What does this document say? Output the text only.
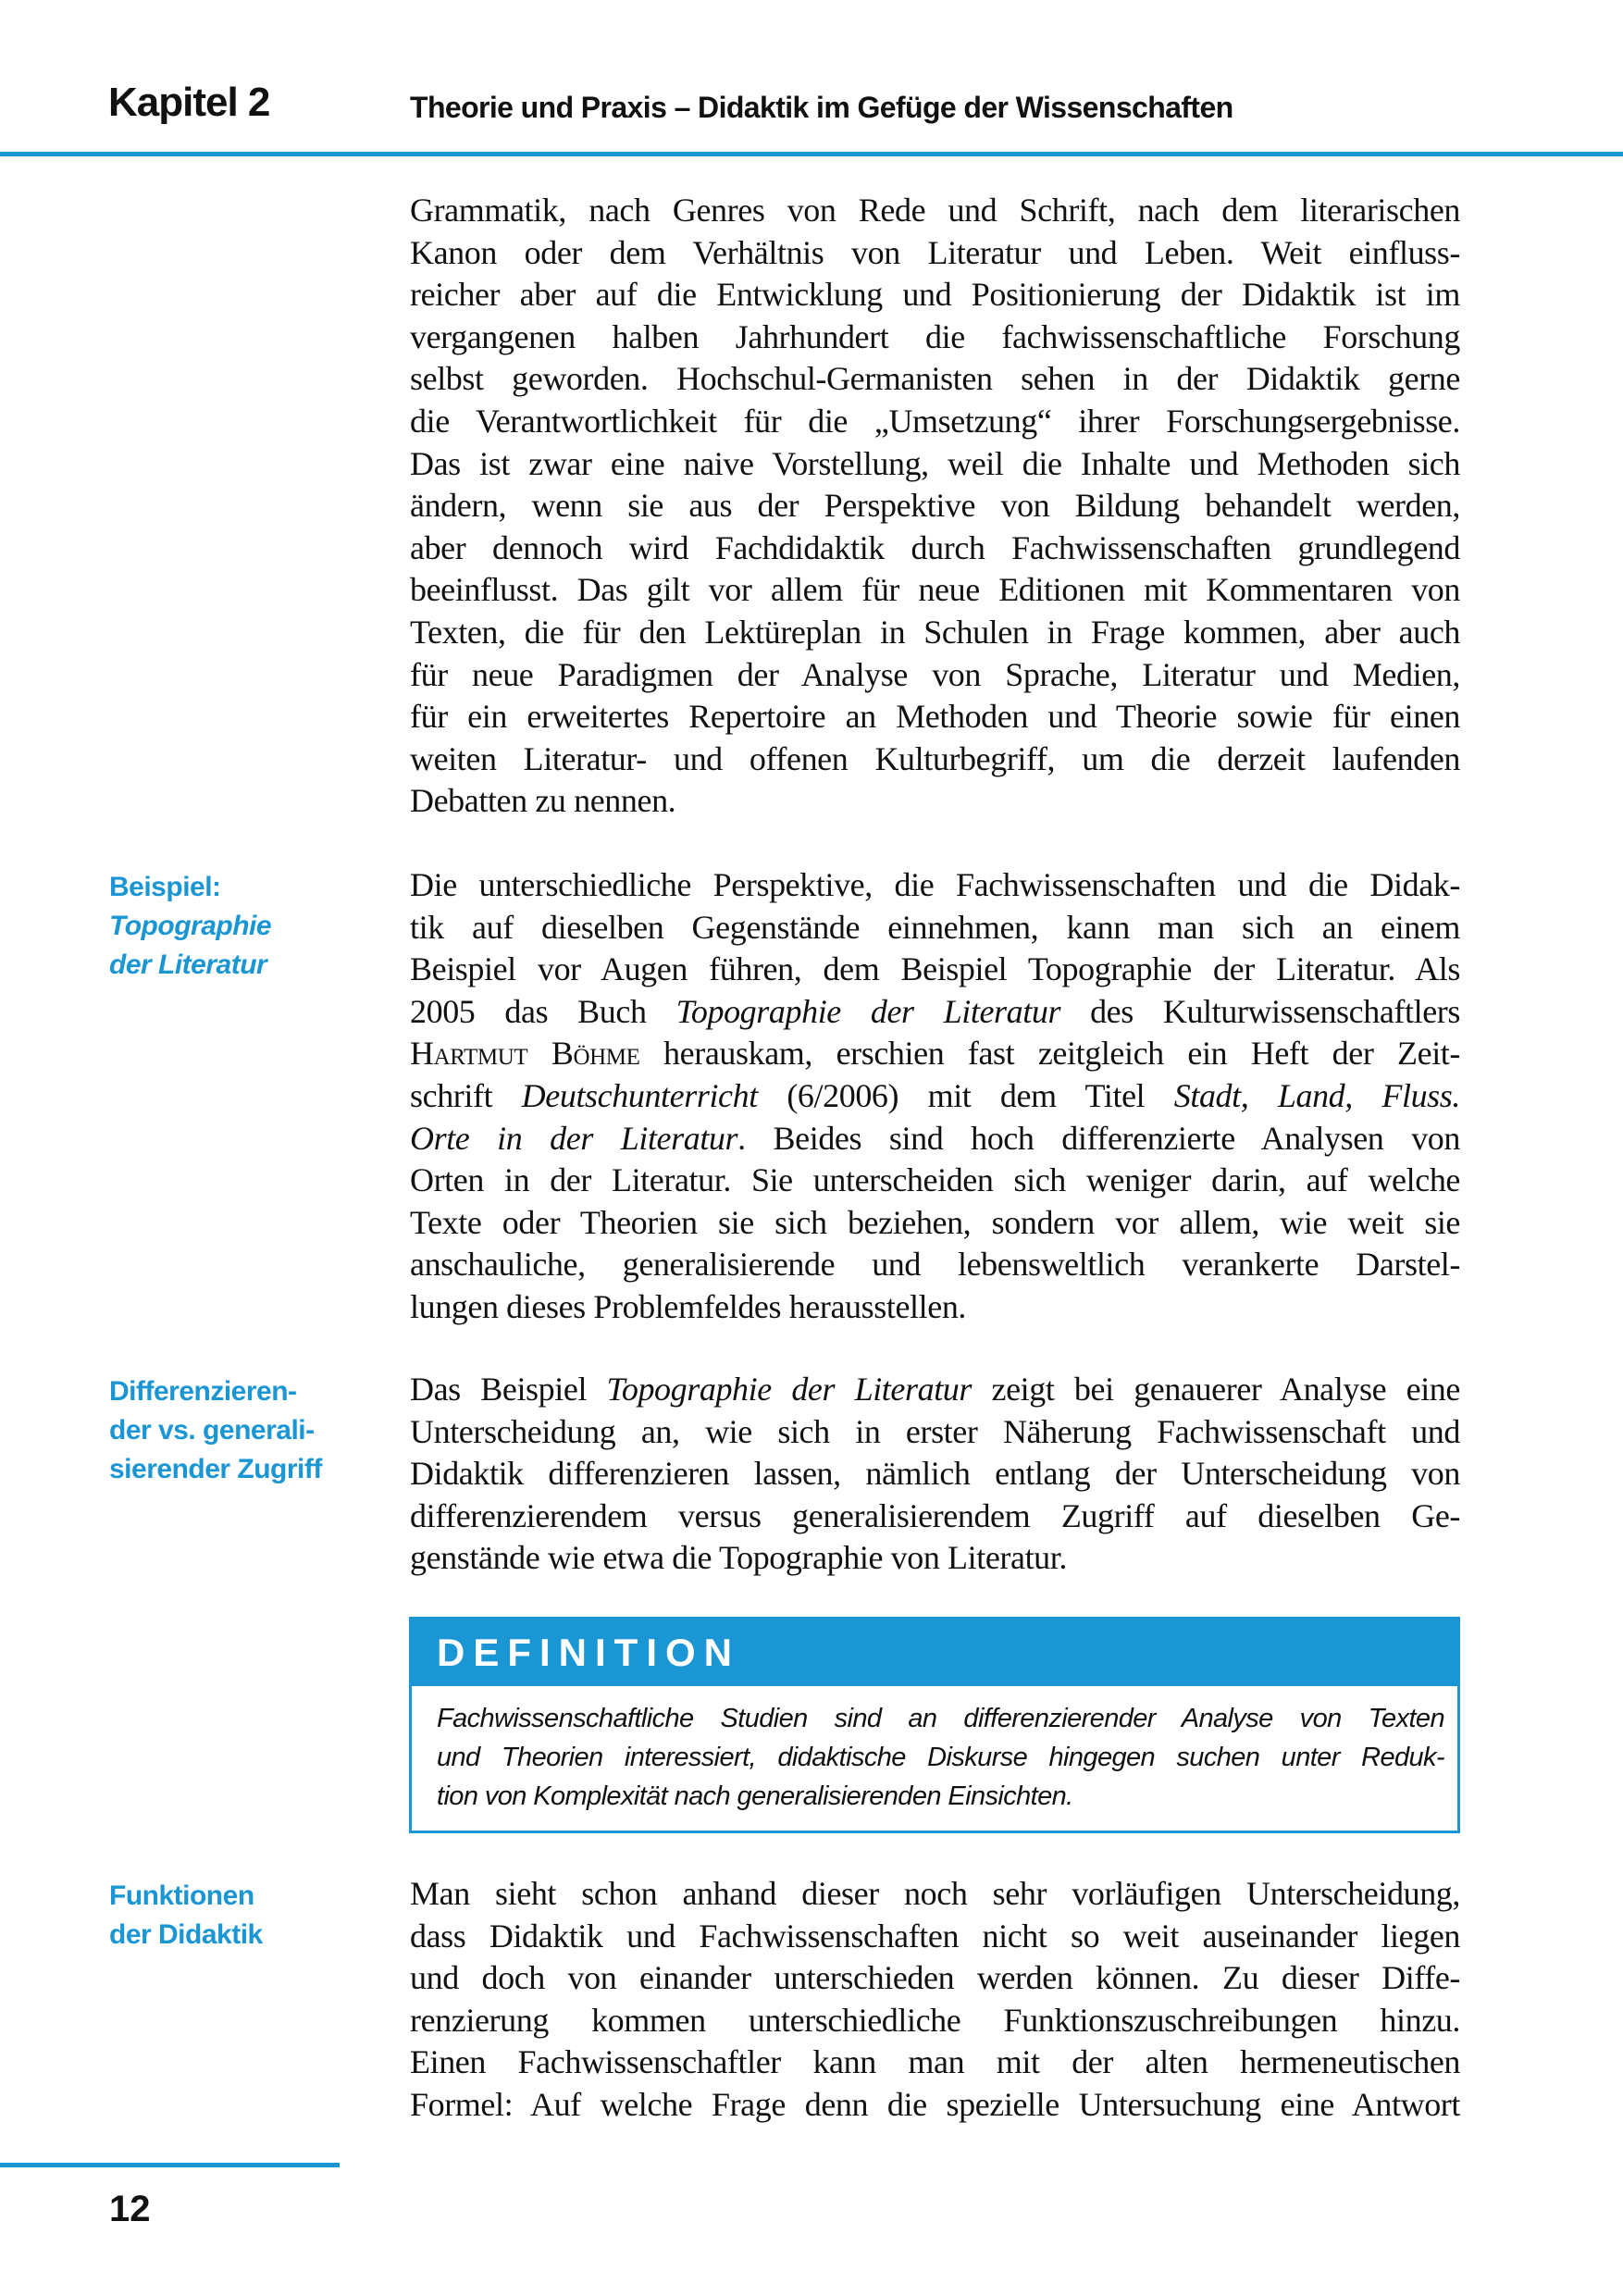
Kapitel 2	Theorie und Praxis – Didaktik im Gefüge der Wissenschaften
Grammatik, nach Genres von Rede und Schrift, nach dem literarischen
Kanon oder dem Verhältnis von Literatur und Leben. Weit einfluss-
reicher aber auf die Entwicklung und Positionierung der Didaktik ist im
vergangenen halben Jahrhundert die fachwissenschaftliche Forschung
selbst geworden. Hochschul-Germanisten sehen in der Didaktik gerne
die Verantwortlichkeit für die „Umsetzung“ ihrer Forschungsergebnisse.
Das ist zwar eine naive Vorstellung, weil die Inhalte und Methoden sich
ändern, wenn sie aus der Perspektive von Bildung behandelt werden,
aber dennoch wird Fachdidaktik durch Fachwissenschaften grundlegend
beeinflusst. Das gilt vor allem für neue Editionen mit Kommentaren von
Texten, die für den Lektüreplan in Schulen in Frage kommen, aber auch
für neue Paradigmen der Analyse von Sprache, Literatur und Medien,
für ein erweitertes Repertoire an Methoden und Theorie sowie für einen
weiten Literatur- und offenen Kulturbegriff, um die derzeit laufenden
Debatten zu nennen.
Die unterschiedliche Perspektive, die Fachwissenschaften und die Didak-
tik auf dieselben Gegenstände einnehmen, kann man sich an einem
Beispiel vor Augen führen, dem Beispiel Topographie der Literatur. Als
2005 das Buch Topographie der Literatur des Kulturwissenschaftlers
Hartmut Böhme herauskam, erschien fast zeitgleich ein Heft der Zeit-
schrift Deutschunterricht (6/2006) mit dem Titel Stadt, Land, Fluss.
Orte in der Literatur. Beides sind hoch differenzierte Analysen von
Orten in der Literatur. Sie unterscheiden sich weniger darin, auf welche
Texte oder Theorien sie sich beziehen, sondern vor allem, wie weit sie
anschauliche, generalisierende und lebensweltlich verankerte Darstel-
lungen dieses Problemfeldes herausstellen.
Das Beispiel Topographie der Literatur zeigt bei genauerer Analyse eine
Unterscheidung an, wie sich in erster Näherung Fachwissenschaft und
Didaktik differenzieren lassen, nämlich entlang der Unterscheidung von
differenzierendem versus generalisierendem Zugriff auf dieselben Ge-
genstände wie etwa die Topographie von Literatur.
Man sieht schon anhand dieser noch sehr vorläufigen Unterscheidung,
dass Didaktik und Fachwissenschaften nicht so weit auseinander liegen
und doch von einander unterschieden werden können. Zu dieser Diffe-
renzierung kommen unterschiedliche Funktionszuschreibungen hinzu.
Einen Fachwissenschaftler kann man mit der alten hermeneutischen
Formel: Auf welche Frage denn die spezielle Untersuchung eine Antwort
Beispiel:
Topographie
der Literatur
Differenzieren-
der vs. generali-
sierender Zugriff
Funktionen
der Didaktik
DEFINITION
Fachwissenschaftliche Studien sind an differenzierender Analyse von Texten
und Theorien interessiert, didaktische Diskurse hingegen suchen unter Reduk-
tion von Komplexität nach generalisierenden Einsichten.
12
